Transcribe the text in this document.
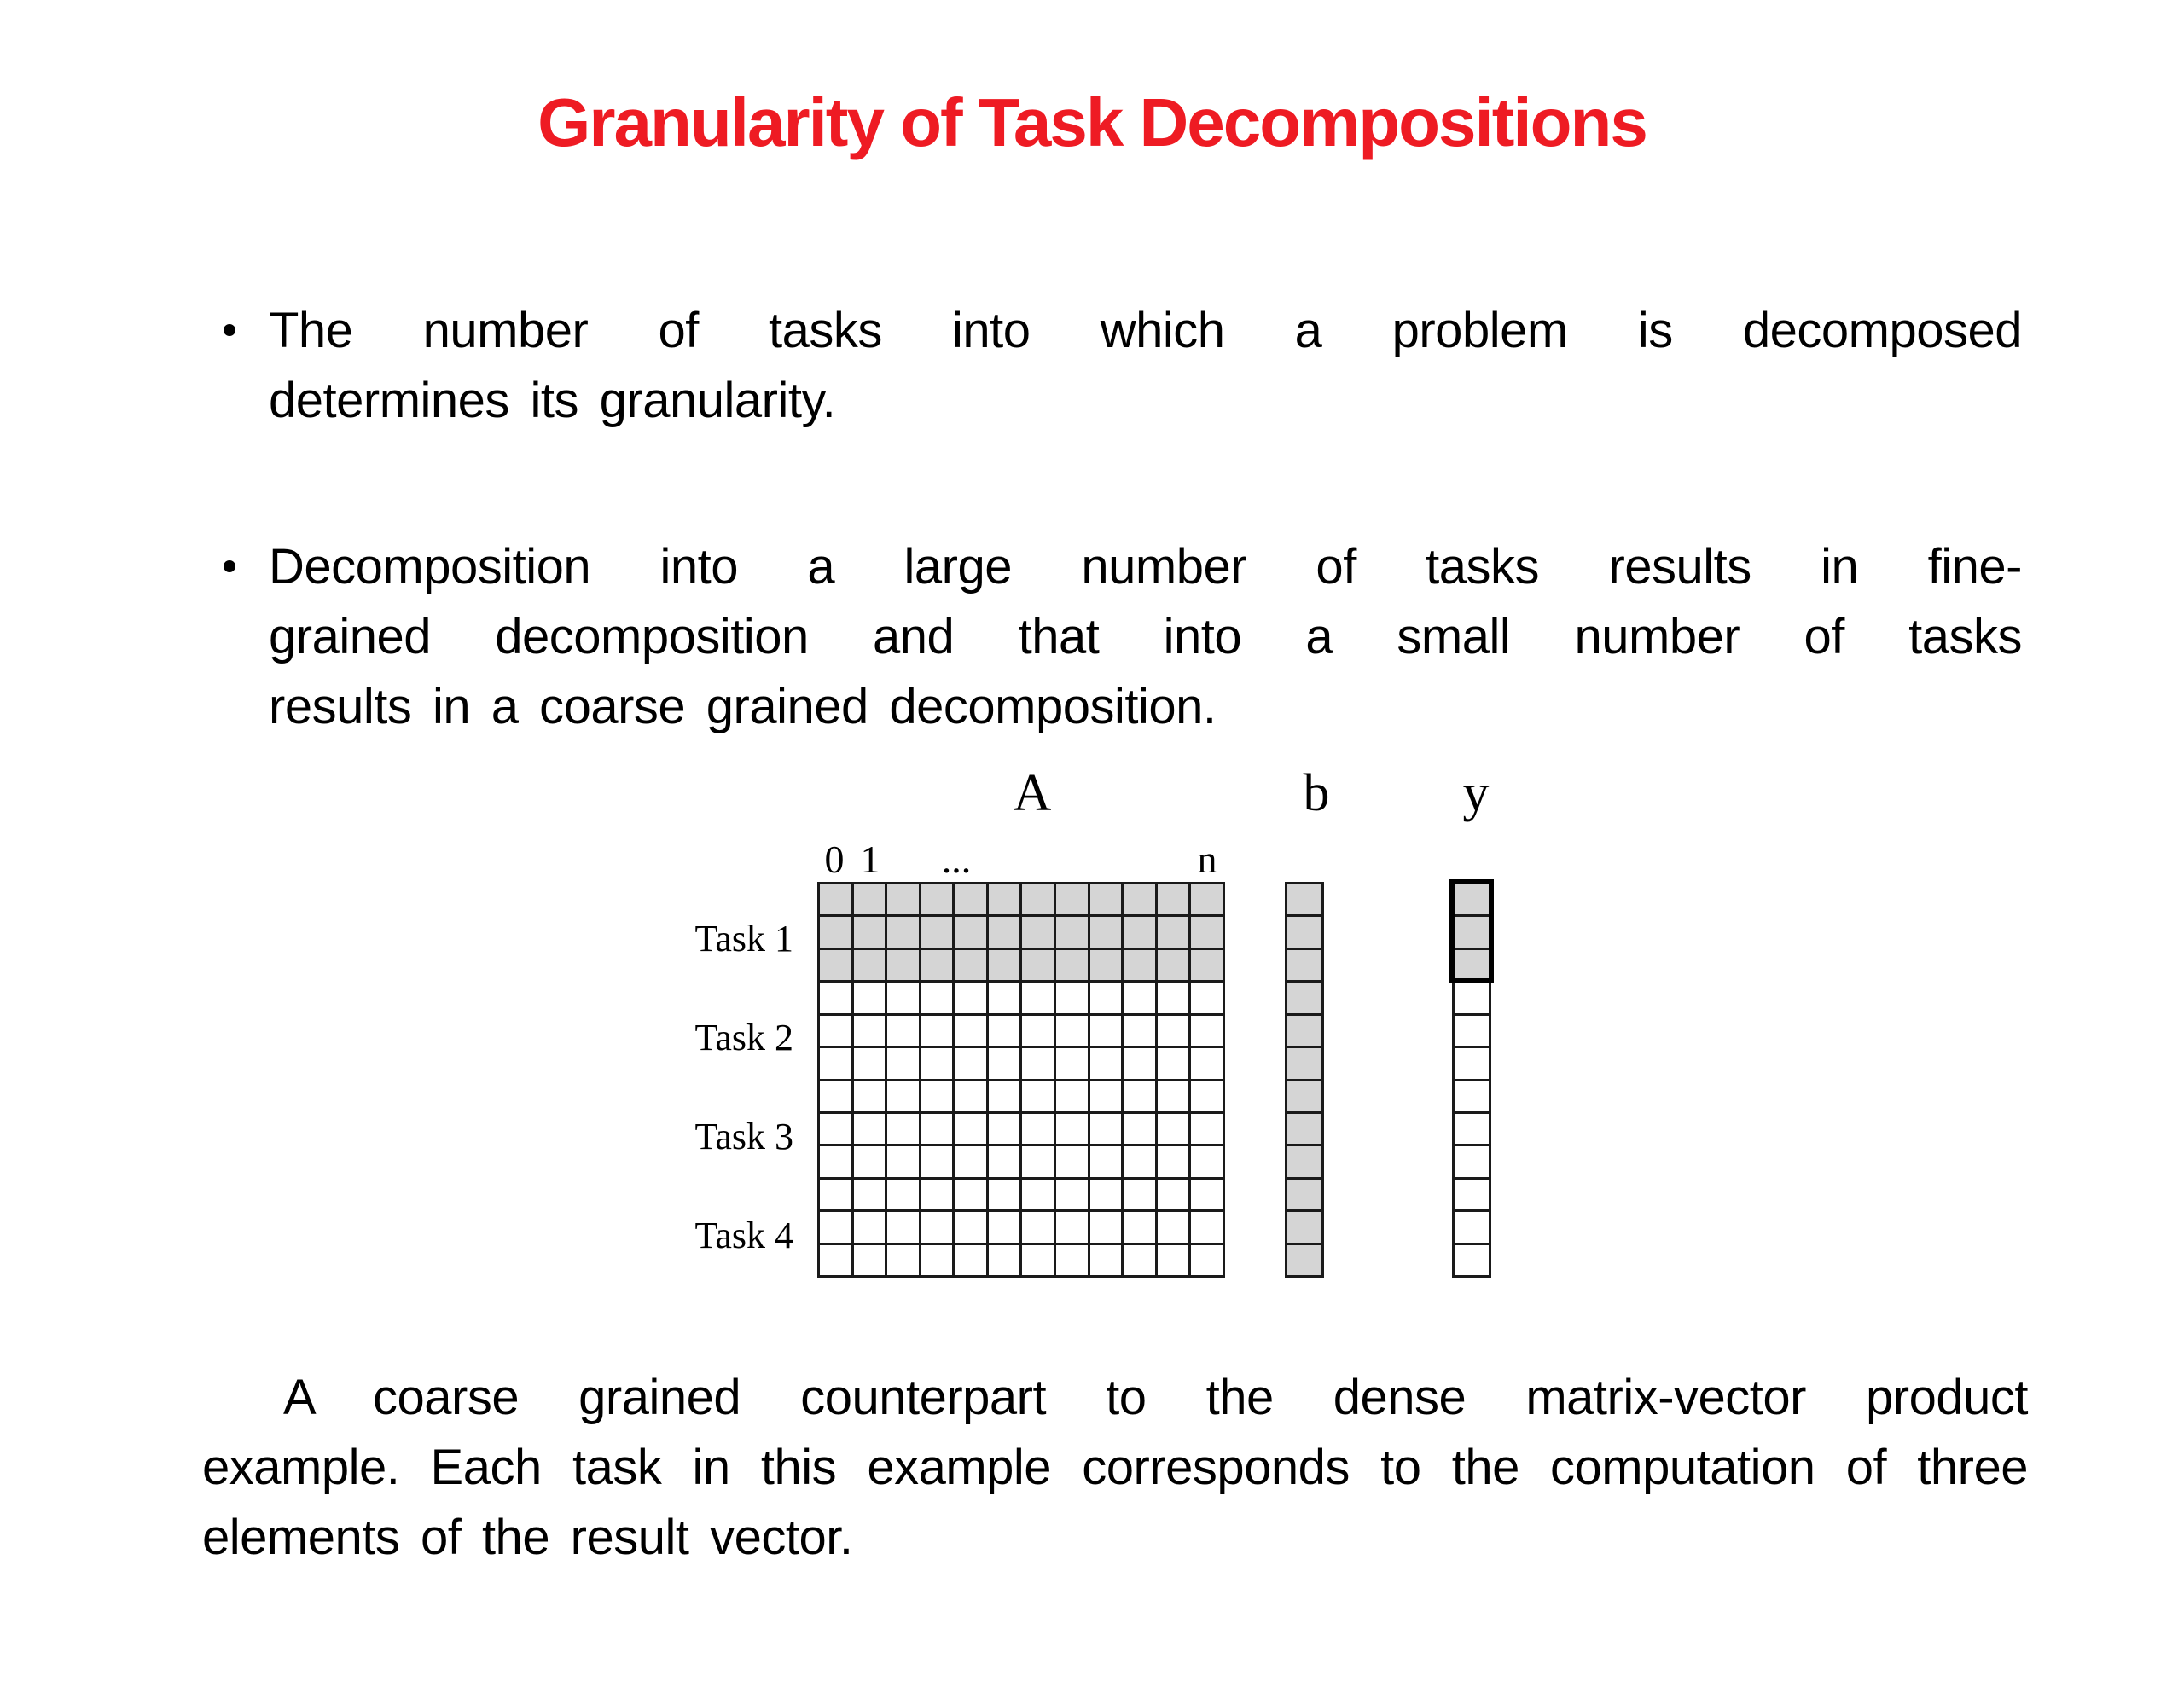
Granularity of Task Decompositions
The number of tasks into which a problem is decomposed
determines its granularity.
Decomposition into a large number of tasks results in fine-
grained decomposition and that into a small number of tasks
results in a coarse grained decomposition.
A	b	y
0 1	...	n
Task 1
Task 2
Task 3
Task 4
A coarse grained counterpart to the dense matrix-vector product
example. Each task in this example corresponds to the computation of three
elements of the result vector.
